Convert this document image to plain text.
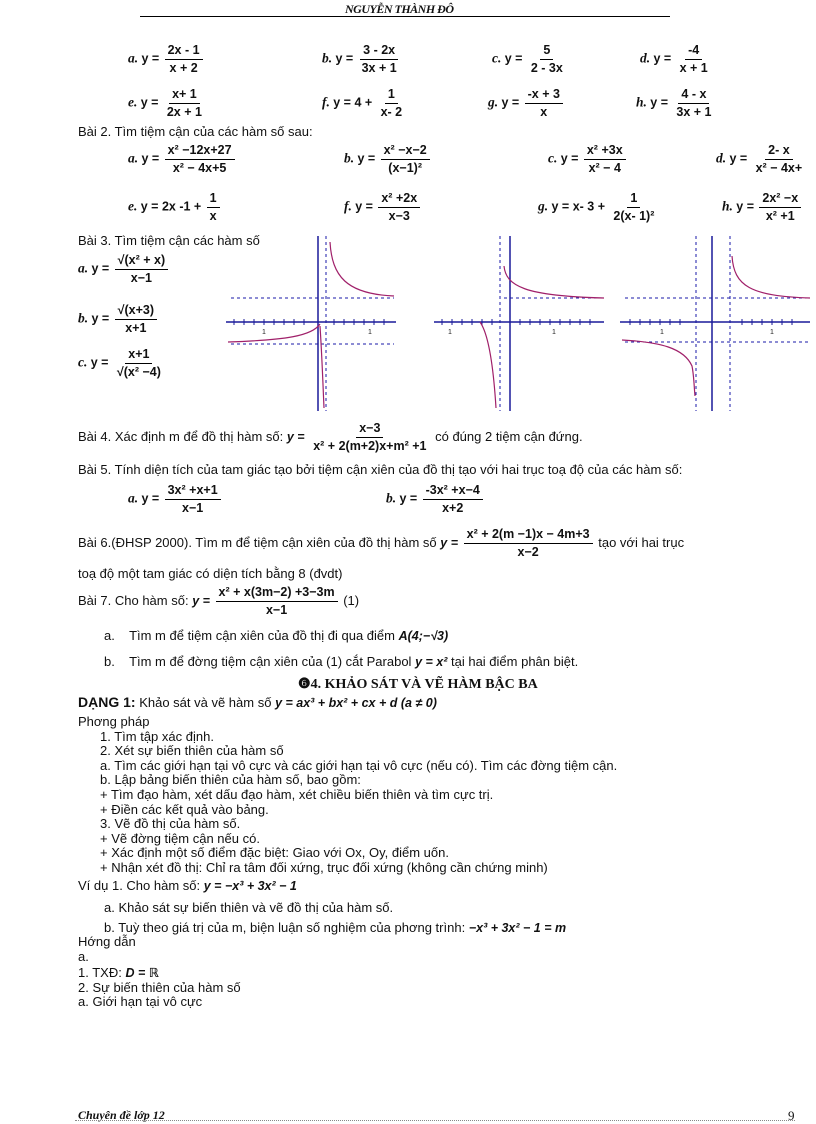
NGUYỄN THÀNH ĐÔ
a. $y = \frac{2x - 1}{x + 2}$	b. $y = \frac{3 - 2x}{3x + 1}$	c. $y = \frac{5}{2 - 3x}$	d. $y = \frac{-4}{x + 1}$
e. $y = \frac{x+ 1}{2x + 1}$	f. $y = 4 + \frac{1}{x- 2}$	g. $y = \frac{-x + 3}{x}$	h. $y = \frac{4 - x}{3x + 1}$
Bài 2. Tìm tiệm cận của các hàm số sau:
a. $y = \frac{\text{x² −12x+27}}{\text{x² − 4x+5}}$	b. $y = \frac{\text{x² −x−2}}{\text{(x−1)²}}$	c. $y = \frac{\text{x² +3x}}{\text{x² − 4}}$	d. $y = \frac{2- x}{\text{x² − 4x+}}$
e. y = 2x $-1 + \frac{1}{x}$	f. $y = \frac{\text{x² +2x}}{x-3}$	g. y = x- $3 + \frac{1}{\text{2(x- 1)²}}$	h. $y = \frac{\text{2x² −x}}{\text{x² +1}}$
Bài 3. Tìm tiệm cận các hàm số
a. $y = \frac{\text{√(x² + x)}}{x-1}$
b. $y = \frac{√(x+3)}{x+1}$
c. $y = \frac{x+1}{\text{√(x² −4)}}$
1	1	1	1	1	1
Bài 4. Xác định m để đồ thị hàm số: $y = \frac{x-3}{\text{x² + 2(m+2)x+m² +1}}$ có đúng 2 tiệm cận đứng.
Bài 5. Tính diện tích của tam giác tạo bởi tiệm cận xiên của đồ thị tạo với hai trục toạ độ của các hàm số:
a. $y = \frac{\text{3x² +x+1}}{x-1}$	b. $y = \frac{\text{-3x² +x−4}}{x+2}$
Bài 6.(ĐHSP 2000). Tìm m để tiệm cận xiên của đồ thị hàm số $y = \frac{\text{x² + 2(m −1)x − 4m+3}}{x-2}$ tạo với hai trục
toạ độ một tam giác có diện tích bằng 8 (đvdt)
Bài 7. Cho hàm số: $y = \frac{\text{x² + x(3m−2) +3−3m}}{x-1} (1)$
a. Tìm m để tiệm cận xiên của đồ thị đi qua điểm A(4;−√3)
b. Tìm m để đờng tiệm cận xiên của (1) cắt Parabol y = x² tại hai điểm phân biệt.
❻4. KHẢO SÁT VÀ VẼ HÀM BẬC BA
DẠNG 1: Khảo sát và vẽ hàm số y = ax³ + bx² + cx + d (a ≠ 0)
Phơng pháp
1. Tìm tập xác định.
2. Xét sự biến thiên của hàm số
a. Tìm các giới hạn tại vô cực và các giới hạn tại vô cực (nếu có). Tìm các đờng tiệm cận.
b. Lập bảng biến thiên của hàm số, bao gồm:
+ Tìm đạo hàm, xét dấu đạo hàm, xét chiều biến thiên và tìm cực trị.
+ Điền các kết quả vào bảng.
3. Vẽ đồ thị của hàm số.
+ Vẽ đờng tiệm cận nếu có.
+ Xác định một số điểm đặc biệt: Giao với Ox, Oy, điểm uốn.
+ Nhận xét đồ thị: Chỉ ra tâm đối xứng, trục đối xứng (không cần chứng minh)
Ví dụ 1. Cho hàm số: y = −x³ + 3x² − 1
a. Khảo sát sự biến thiên và vẽ đồ thị của hàm số.
b. Tuỳ theo giá trị của m, biện luận số nghiệm của phơng trình: −x³ + 3x² − 1 = m
Hớng dẫn
a.
1. TXĐ: D = ℝ
2. Sự biến thiên của hàm số
a. Giới hạn tại vô cực
Chuyên đề lớp 12	9
